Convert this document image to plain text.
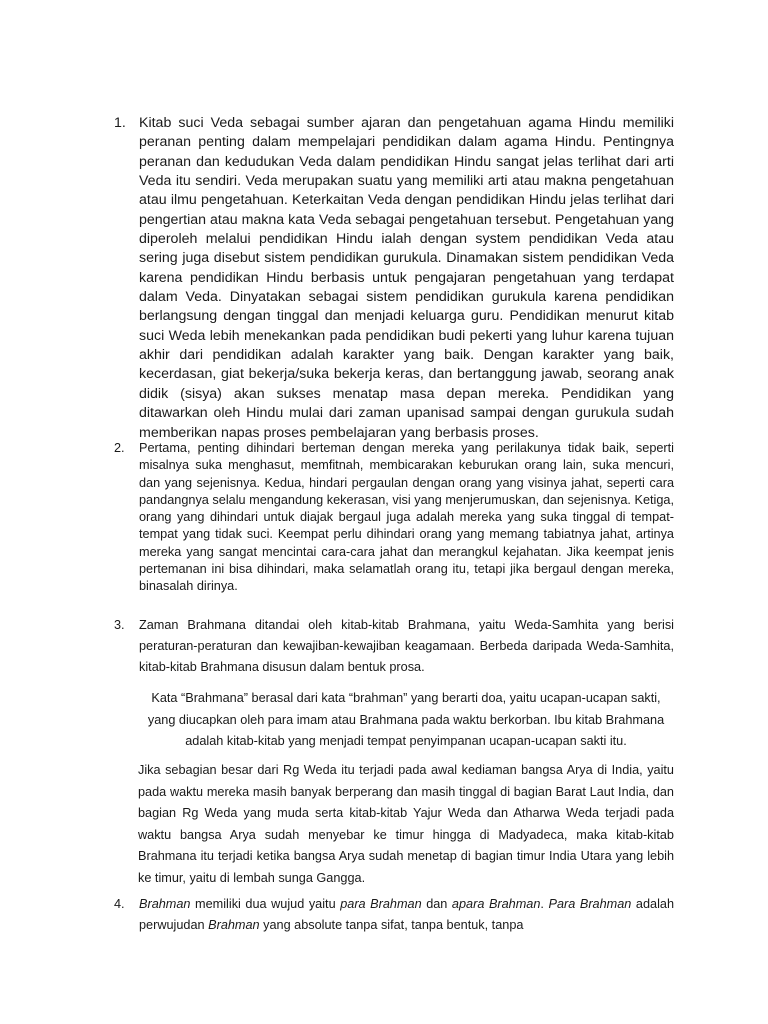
1. Kitab suci Veda sebagai sumber ajaran dan pengetahuan agama Hindu memiliki peranan penting dalam mempelajari pendidikan dalam agama Hindu. Pentingnya peranan dan kedudukan Veda dalam pendidikan Hindu sangat jelas terlihat dari arti Veda itu sendiri. Veda merupakan suatu yang memiliki arti atau makna pengetahuan atau ilmu pengetahuan. Keterkaitan Veda dengan pendidikan Hindu jelas terlihat dari pengertian atau makna kata Veda sebagai pengetahuan tersebut. Pengetahuan yang diperoleh melalui pendidikan Hindu ialah dengan system pendidikan Veda atau sering juga disebut sistem pendidikan gurukula. Dinamakan sistem pendidikan Veda karena pendidikan Hindu berbasis untuk pengajaran pengetahuan yang terdapat dalam Veda. Dinyatakan sebagai sistem pendidikan gurukula karena pendidikan berlangsung dengan tinggal dan menjadi keluarga guru. Pendidikan menurut kitab suci Weda lebih menekankan pada pendidikan budi pekerti yang luhur karena tujuan akhir dari pendidikan adalah karakter yang baik. Dengan karakter yang baik, kecerdasan, giat bekerja/suka bekerja keras, dan bertanggung jawab, seorang anak didik (sisya) akan sukses menatap masa depan mereka. Pendidikan yang ditawarkan oleh Hindu mulai dari zaman upanisad sampai dengan gurukula sudah memberikan napas proses pembelajaran yang berbasis proses.
2.	Pertama, penting dihindari berteman dengan mereka yang perilakunya tidak baik, seperti misalnya suka menghasut, memfitnah, membicarakan keburukan orang lain, suka mencuri, dan yang sejenisnya. Kedua, hindari pergaulan dengan orang yang visinya jahat, seperti cara pandangnya selalu mengandung kekerasan, visi yang menjerumuskan, dan sejenisnya. Ketiga, orang yang dihindari untuk diajak bergaul juga adalah mereka yang suka tinggal di tempat-tempat yang tidak suci. Keempat perlu dihindari orang yang memang tabiatnya jahat, artinya mereka yang sangat mencintai cara-cara jahat dan merangkul kejahatan. Jika keempat jenis pertemanan ini bisa dihindari, maka selamatlah orang itu, tetapi jika bergaul dengan mereka, binasalah dirinya.
3.	Zaman Brahmana ditandai oleh kitab-kitab Brahmana, yaitu Weda-Samhita yang berisi peraturan-peraturan dan kewajiban-kewajiban keagamaan. Berbeda daripada Weda-Samhita, kitab-kitab Brahmana disusun dalam bentuk prosa.
Kata “Brahmana” berasal dari kata “brahman” yang berarti doa, yaitu ucapan-ucapan sakti, yang diucapkan oleh para imam atau Brahmana pada waktu berkorban. Ibu kitab Brahmana adalah kitab-kitab yang menjadi tempat penyimpanan ucapan-ucapan sakti itu.
Jika sebagian besar dari Rg Weda itu terjadi pada awal kediaman bangsa Arya di India, yaitu pada waktu mereka masih banyak berperang dan masih tinggal di bagian Barat Laut India, dan bagian Rg Weda yang muda serta kitab-kitab Yajur Weda dan Atharwa Weda terjadi pada waktu bangsa Arya sudah menyebar ke timur hingga di Madyadeca, maka kitab-kitab Brahmana itu terjadi ketika bangsa Arya sudah menetap di bagian timur India Utara yang lebih ke timur, yaitu di lembah sunga Gangga.
4.	Brahman memiliki dua wujud yaitu para Brahman dan apara Brahman. Para Brahman adalah perwujudan Brahman yang absolute tanpa sifat, tanpa bentuk, tanpa
